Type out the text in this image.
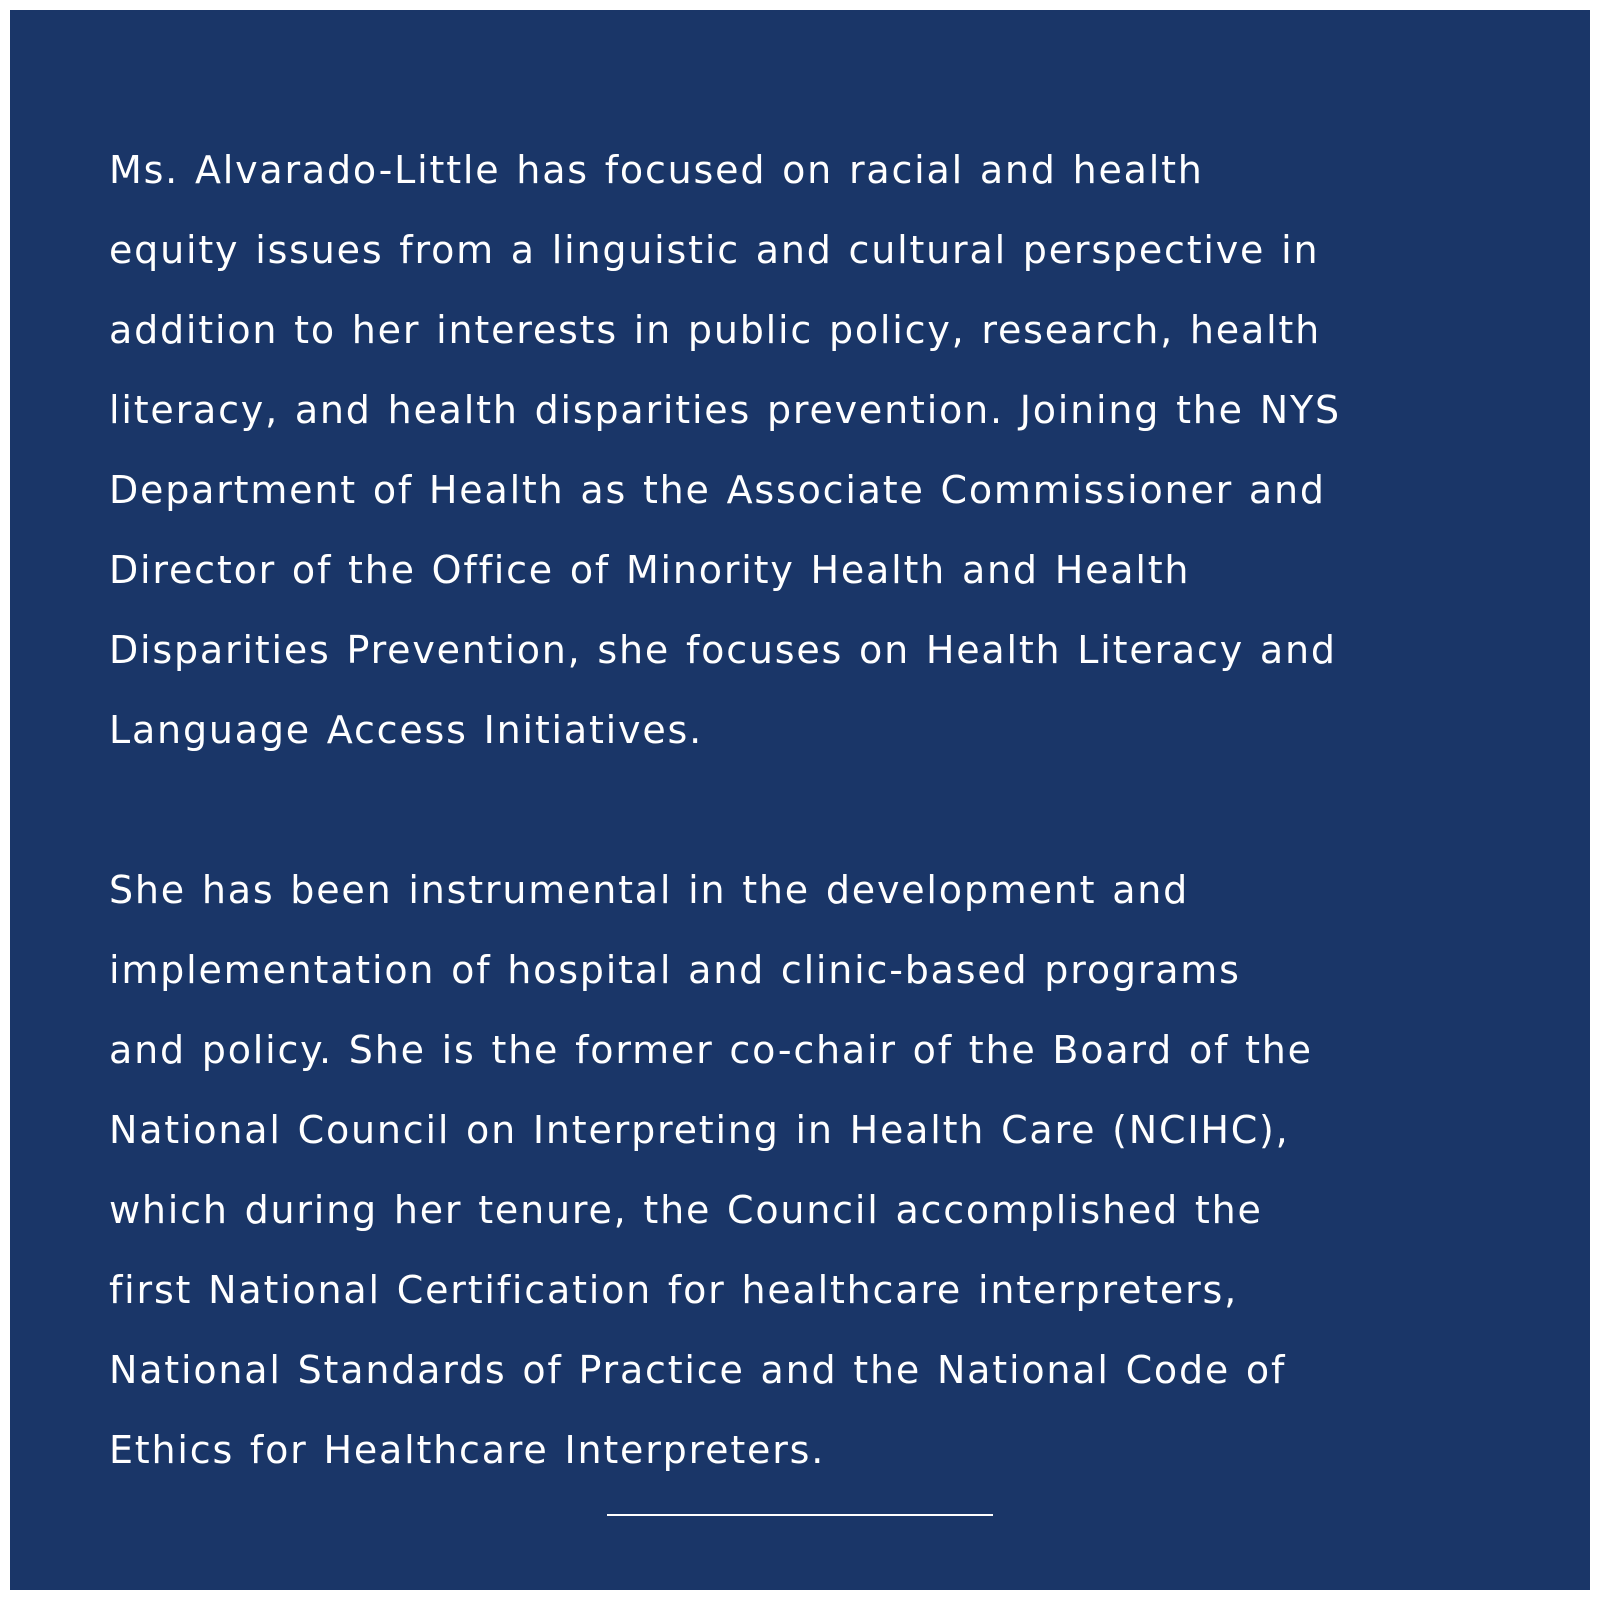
Ms. Alvarado-Little has focused on racial and health
equity issues from a linguistic and cultural perspective in
addition to her interests in public policy, research, health
literacy, and health disparities prevention. Joining the NYS
Department of Health as the Associate Commissioner and
Director of the Office of Minority Health and Health
Disparities Prevention, she focuses on Health Literacy and
Language Access Initiatives.
She has been instrumental in the development and
implementation of hospital and clinic-based programs
and policy. She is the former co-chair of the Board of the
National Council on Interpreting in Health Care (NCIHC),
which during her tenure, the Council accomplished the
first National Certification for healthcare interpreters,
National Standards of Practice and the National Code of
Ethics for Healthcare Interpreters.
